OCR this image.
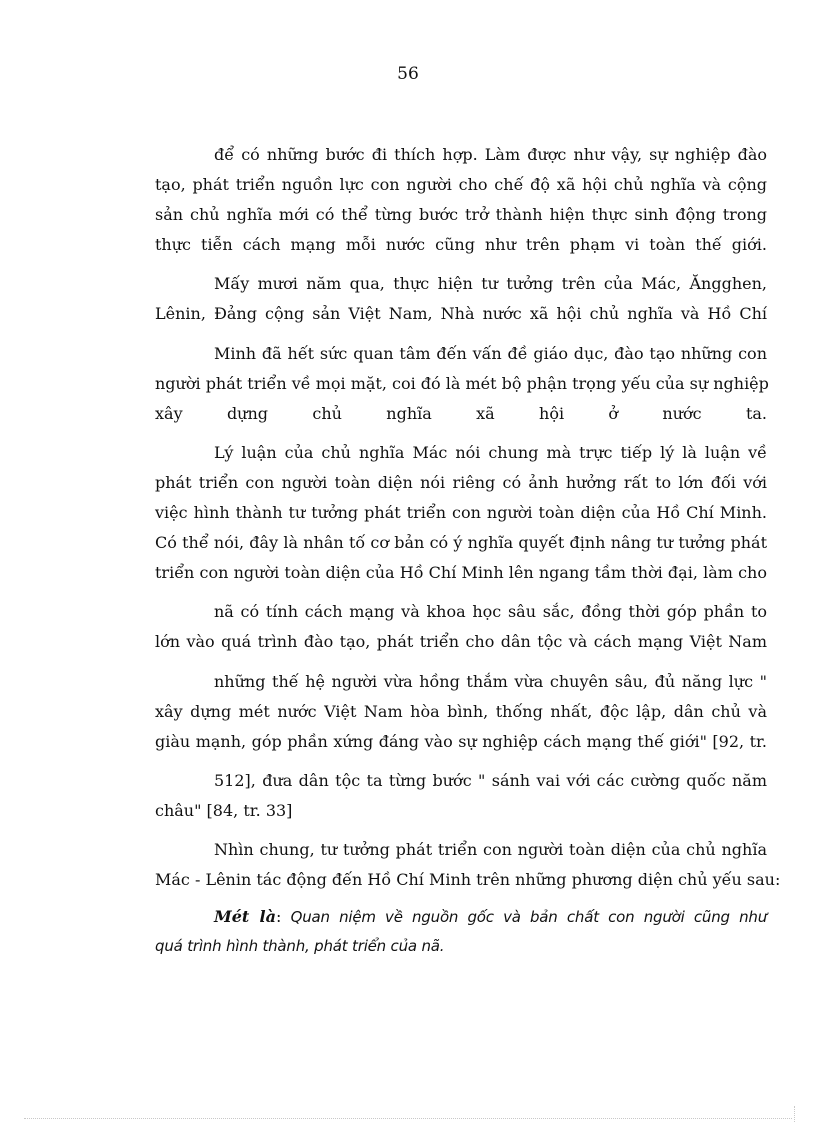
56
để có những bước đi thích hợp. Làm được như vậy, sự nghiệp đào
tạo, phát triển nguồn lực con người cho chế độ xã hội chủ nghĩa và cộng
sản chủ nghĩa mới có thể từng bước trở thành hiện thực sinh động trong
thực tiễn cách mạng mỗi nước cũng như trên phạm vi toàn thế giới.
Mấy mươi năm qua, thực hiện tư tưởng trên của Mác, Ăngghen,
Lênin, Đảng cộng sản Việt Nam, Nhà nước xã hội chủ nghĩa và Hồ Chí
Minh đã hết sức quan tâm đến vấn đề giáo dục, đào tạo những con
người phát triển về mọi mặt, coi đó là mét bộ phận trọng yếu của sự nghiệp
xây dựng chủ nghĩa xã hội ở nước ta.
Lý luận của chủ nghĩa Mác nói chung mà trực tiếp lý là luận về
phát triển con người toàn diện nói riêng có ảnh hưởng rất to lớn đối với
việc hình thành tư tưởng phát triển con người toàn diện của Hồ Chí Minh.
Có thể nói, đây là nhân tố cơ bản có ý nghĩa quyết định nâng tư tưởng phát
triển con người toàn diện của Hồ Chí Minh lên ngang tầm thời đại, làm cho
nã có tính cách mạng và khoa học sâu sắc, đồng thời góp phần to
lớn vào quá trình đào tạo, phát triển cho dân tộc và cách mạng Việt Nam
những thế hệ người vừa hồng thắm vừa chuyên sâu, đủ năng lực "
xây dựng mét nước Việt Nam hòa bình, thống nhất, độc lập, dân chủ và
giàu mạnh, góp phần xứng đáng vào sự nghiệp cách mạng thế giới" [92, tr.
512], đưa dân tộc ta từng bước " sánh vai với các cường quốc năm
châu" [84, tr. 33]
Nhìn chung, tư tưởng phát triển con người toàn diện của chủ nghĩa
Mác - Lênin tác động đến Hồ Chí Minh trên những phương diện chủ yếu sau:
Mét là: Quan niệm về nguồn gốc và bản chất con người cũng như
quá trình hình thành, phát triển của nã.
